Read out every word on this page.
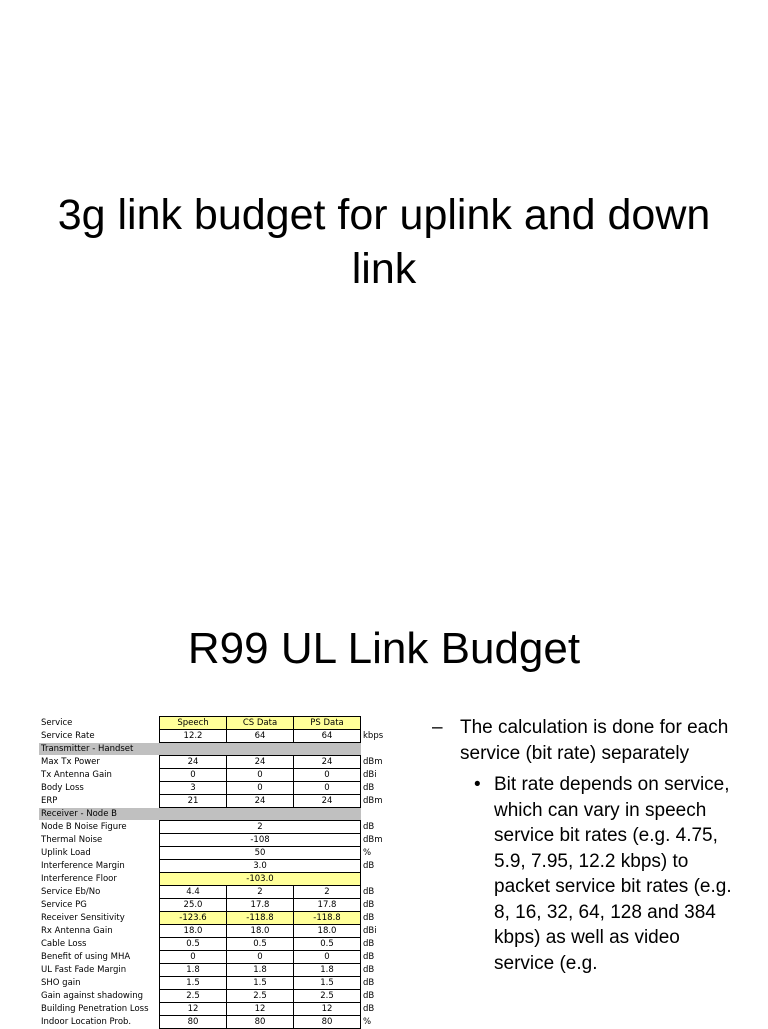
3g link budget for uplink and down link
R99 UL Link Budget
Service	Speech	CS Data	PS Data	
Service Rate	12.2	64	64	kbps
Transmitter - Handset				
Max Tx Power	24	24	24	dBm
Tx Antenna Gain	0	0	0	dBi
Body Loss	3	0	0	dB
ERP	21	24	24	dBm
Receiver - Node B				
Node B Noise Figure	2			dB
Thermal Noise	-108			dBm
Uplink Load	50			%
Interference Margin	3.0			dB
Interference Floor	-103.0			
Service Eb/No	4.4	2	2	dB
Service PG	25.0	17.8	17.8	dB
Receiver Sensitivity	-123.6	-118.8	-118.8	dB
Rx Antenna Gain	18.0	18.0	18.0	dBi
Cable Loss	0.5	0.5	0.5	dB
Benefit of using MHA	0	0	0	dB
UL Fast Fade Margin	1.8	1.8	1.8	dB
SHO gain	1.5	1.5	1.5	dB
Gain against shadowing	2.5	2.5	2.5	dB
Building Penetration Loss	12	12	12	dB
Indoor Location Prob.	80	80	80	%
– The calculation is done for each service (bit rate) separately
• Bit rate depends on service, which can vary in speech service bit rates (e.g. 4.75, 5.9, 7.95, 12.2 kbps) to packet service bit rates (e.g. 8, 16, 32, 64, 128 and 384 kbps) as well as video service (e.g.
